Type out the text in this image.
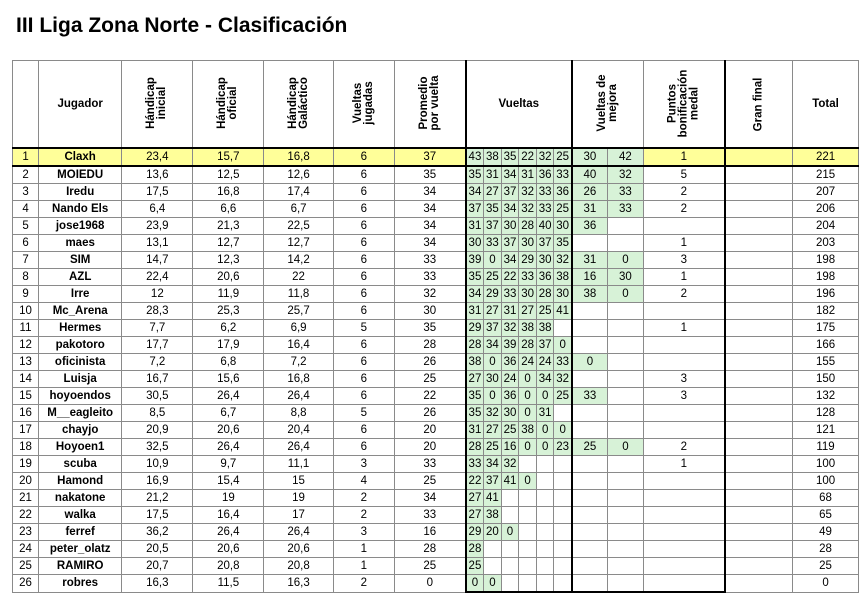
III Liga Zona Norte - Clasificación
	Jugador	Hándicap inicial	Hándicap oficial	Hándicap Galáctico	Vueltas jugadas	Promedio por vuelta	Vueltas						Vueltas de mejora		Puntos bonificación medal	Gran final	Total
1	Claxh	23,4	15,7	16,8	6	37	43	38	35	22	32	25	30	42	1		221
2	MOIEDU	13,6	12,5	12,6	6	35	35	31	34	31	36	33	40	32	5		215
3	Iredu	17,5	16,8	17,4	6	34	34	27	37	32	33	36	26	33	2		207
4	Nando Els	6,4	6,6	6,7	6	34	37	35	34	32	33	25	31	33	2		206
5	jose1968	23,9	21,3	22,5	6	34	31	37	30	28	40	30	36				204
6	maes	13,1	12,7	12,7	6	34	30	33	37	30	37	35			1		203
7	SIM	14,7	12,3	14,2	6	33	39	0	34	29	30	32	31	0	3		198
8	AZL	22,4	20,6	22	6	33	35	25	22	33	36	38	16	30	1		198
9	Irre	12	11,9	11,8	6	32	34	29	33	30	28	30	38	0	2		196
10	Mc_Arena	28,3	25,3	25,7	6	30	31	27	31	27	25	41					182
11	Hermes	7,7	6,2	6,9	5	35	29	37	32	38	38				1		175
12	pakotoro	17,7	17,9	16,4	6	28	28	34	39	28	37	0					166
13	oficinista	7,2	6,8	7,2	6	26	38	0	36	24	24	33	0				155
14	Luisja	16,7	15,6	16,8	6	25	27	30	24	0	34	32			3		150
15	hoyoendos	30,5	26,4	26,4	6	22	35	0	36	0	0	25	33		3		132
16	M__eagleito	8,5	6,7	8,8	5	26	35	32	30	0	31						128
17	chayjo	20,9	20,6	20,4	6	20	31	27	25	38	0	0					121
18	Hoyoen1	32,5	26,4	26,4	6	20	28	25	16	0	0	23	25	0	2		119
19	scuba	10,9	9,7	11,1	3	33	33	34	32						1		100
20	Hamond	16,9	15,4	15	4	25	22	37	41	0							100
21	nakatone	21,2	19	19	2	34	27	41									68
22	walka	17,5	16,4	17	2	33	27	38									65
23	ferref	36,2	26,4	26,4	3	16	29	20	0								49
24	peter_olatz	20,5	20,6	20,6	1	28	28										28
25	RAMIRO	20,7	20,8	20,8	1	25	25										25
26	robres	16,3	11,5	16,3	2	0	0	0									0
